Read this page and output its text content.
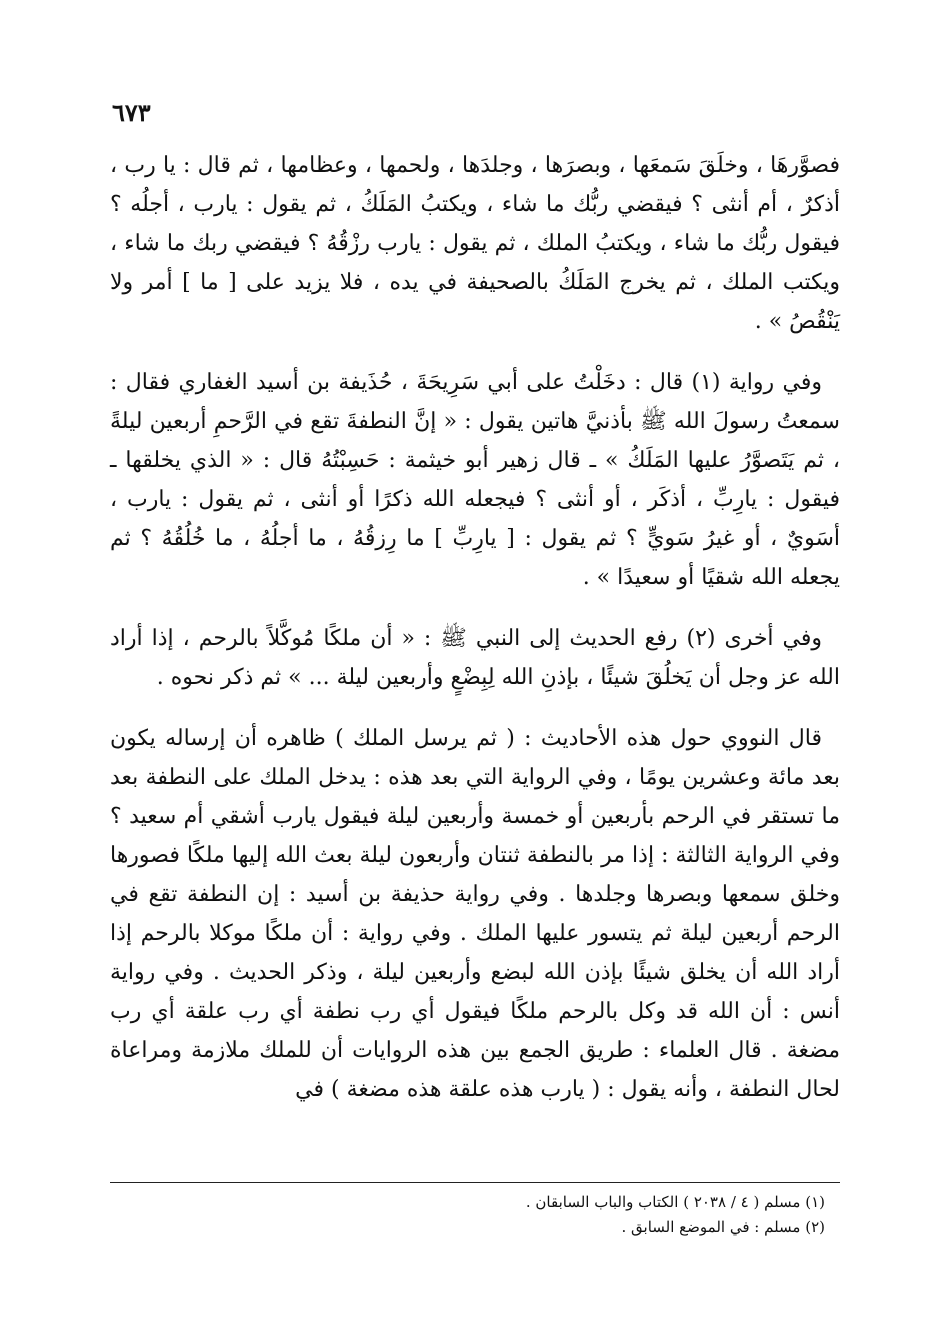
٦٧٣

فصوَّرهَا ، وخلَقَ سَمعَها ، وبصرَها ، وجلدَها ، ولحمها ، وعظامها ، ثم قال : يا رب ، أذكرٌ ، أم أنثى ؟ فيقضي ربُّك ما شاء ، ويكتبُ المَلَكُ ، ثم يقول : يارب ، أجلُه ؟ فيقول ربُّك ما شاء ، ويكتبُ الملك ، ثم يقول : يارب رزْقُهُ ؟ فيقضي ربك ما شاء ، ويكتب الملك ، ثم يخرج المَلَكُ بالصحيفة في يده ، فلا يزيد على [ ما ] أمر ولا يَنْقُصُ » .

وفي رواية (١) قال : دخَلْتُ على أبي سَرِيحَةَ ، حُذَيفة بن أسيد الغفاري فقال : سمعتُ رسولَ الله ﷺ بأذنيَّ هاتين يقول : « إنَّ النطفةَ تقع في الرَّحمِ أربعين ليلةً ، ثم يَتَصوَّرُ عليها المَلَكُ » ـ قال زهير أبو خيثمة : حَسِبْتُهُ قال : « الذي يخلقها ـ فيقول : يارِبِّ ، أذكَر ، أو أنثى ؟ فيجعله الله ذكرًا أو أنثى ، ثم يقول : يارب ، أسَويٌ ، أو غيرُ سَويٍّ ؟ ثم يقول : [ يارِبِّ ] ما رِزقُهُ ، ما أجلُهُ ، ما خُلُقُهُ ؟ ثم يجعله الله شقيًا أو سعيدًا » .

وفي أخرى (٢) رفع الحديث إلى النبي ﷺ : « أن ملكًا مُوكَّلاً بالرحم ، إذا أراد الله عز وجل أن يَخلُقَ شيئًا ، بإذنِ الله لِبِضْعٍ وأربعين ليلة ... » ثم ذكر نحوه .

قال النووي حول هذه الأحاديث : ( ثم يرسل الملك ) ظاهره أن إرساله يكون بعد مائة وعشرين يومًا ، وفي الرواية التي بعد هذه : يدخل الملك على النطفة بعد ما تستقر في الرحم بأربعين أو خمسة وأربعين ليلة فيقول يارب أشقي أم سعيد ؟ وفي الرواية الثالثة : إذا مر بالنطفة ثنتان وأربعون ليلة بعث الله إليها ملكًا فصورها وخلق سمعها وبصرها وجلدها . وفي رواية حذيفة بن أسيد : إن النطفة تقع في الرحم أربعين ليلة ثم يتسور عليها الملك . وفي رواية : أن ملكًا موكلا بالرحم إذا أراد الله أن يخلق شيئًا بإذن الله لبضع وأربعين ليلة ، وذكر الحديث . وفي رواية أنس : أن الله قد وكل بالرحم ملكًا فيقول أي رب نطفة أي رب علقة أي رب مضغة . قال العلماء : طريق الجمع بين هذه الروايات أن للملك ملازمة ومراعاة لحال النطفة ، وأنه يقول : ( يارب هذه علقة هذه مضغة ) في

(١) مسلم ( ٤ / ٢٠٣٨ ) الكتاب والباب السابقان .
(٢) مسلم : في الموضع السابق .
